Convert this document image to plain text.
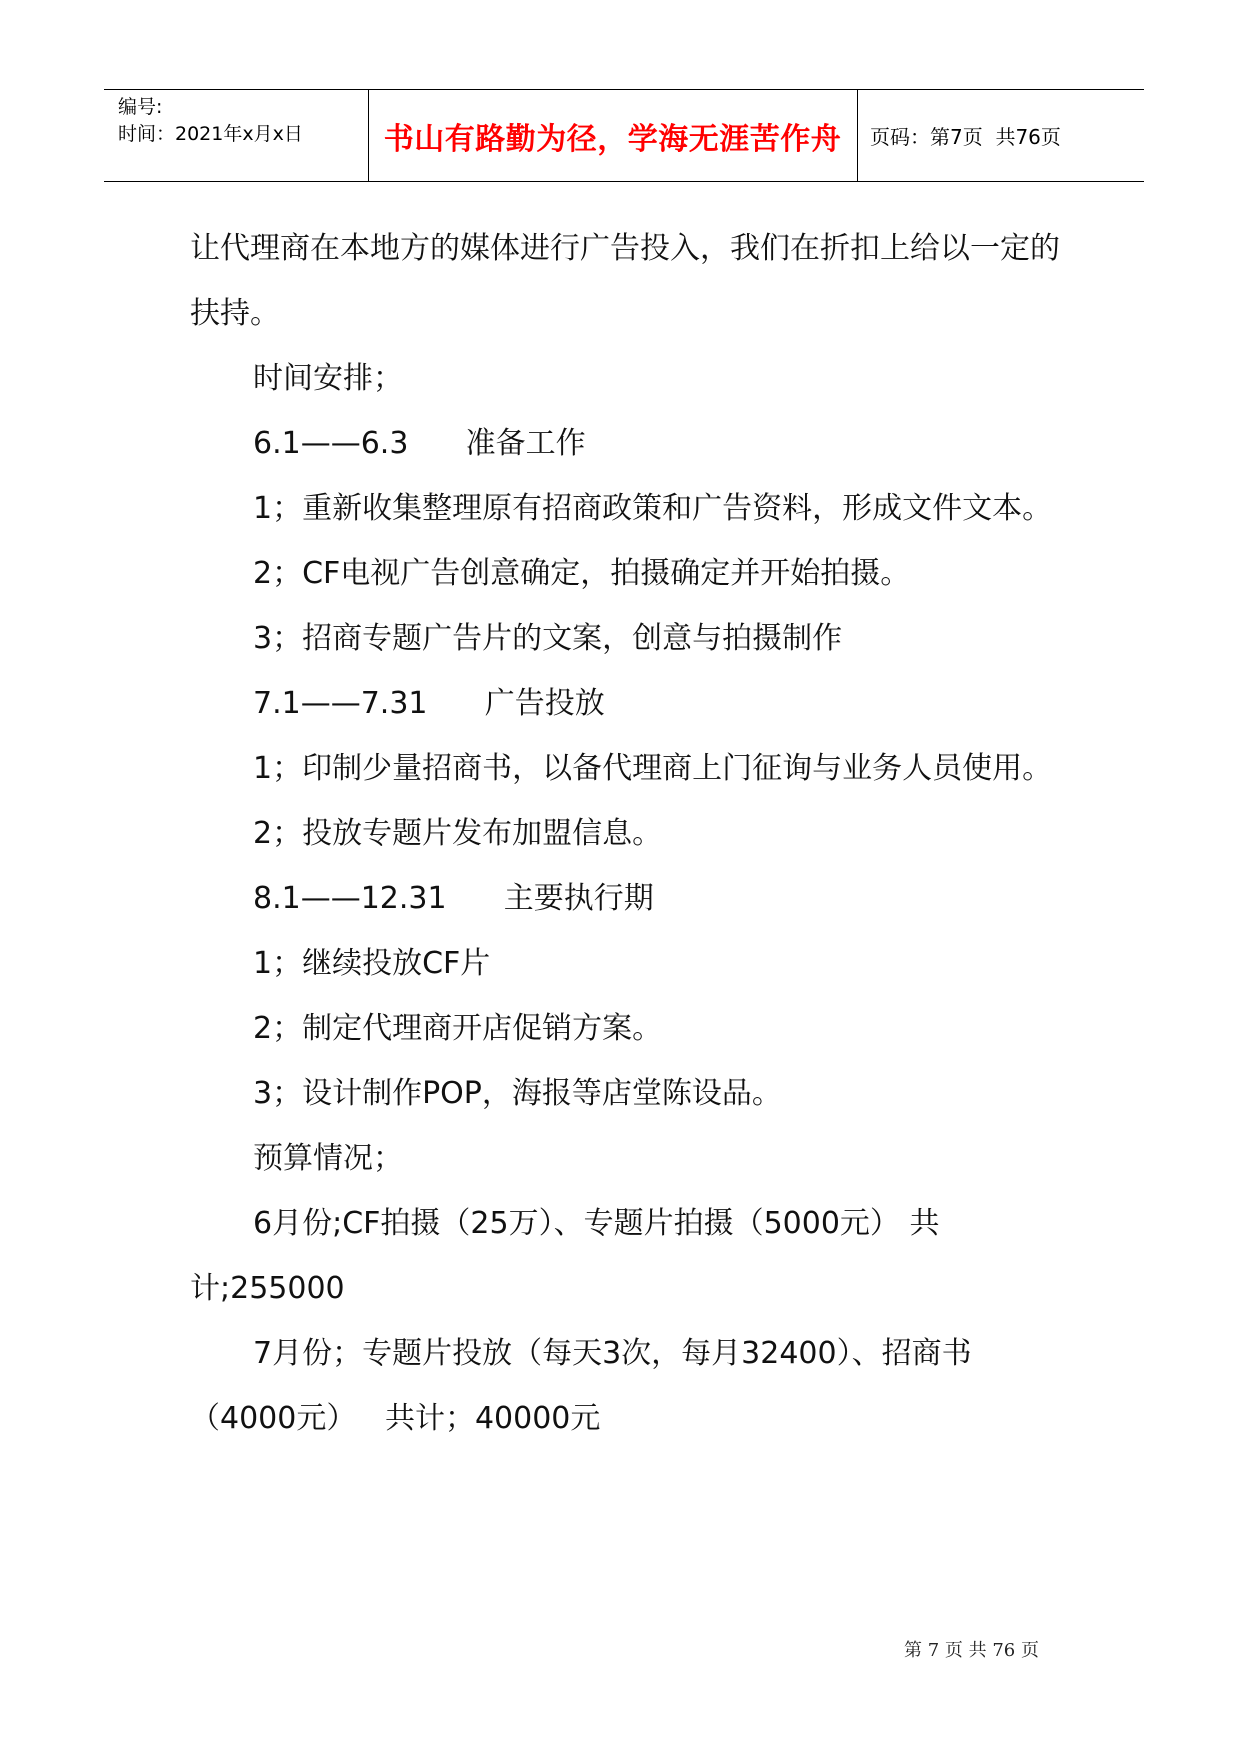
编号:
时间：2021年x月x日	书山有路勤为径，学海无涯苦作舟	页码：第7页  共76页

让代理商在本地方的媒体进行广告投入，我们在折扣上给以一定的扶持。

时间安排；

6.1——6.3      准备工作

1；重新收集整理原有招商政策和广告资料，形成文件文本。

2；CF电视广告创意确定，拍摄确定并开始拍摄。

3；招商专题广告片的文案，创意与拍摄制作

7.1——7.31      广告投放

1；印制少量招商书，以备代理商上门征询与业务人员使用。

2；投放专题片发布加盟信息。

8.1——12.31      主要执行期

1；继续投放CF片

2；制定代理商开店促销方案。

3；设计制作POP，海报等店堂陈设品。

预算情况；

6月份;CF拍摄（25万）、专题片拍摄（5000元） 共计;255000

7月份；专题片投放（每天3次，每月32400）、招商书（4000元）   共计；40000元

第 7 页 共 76 页
